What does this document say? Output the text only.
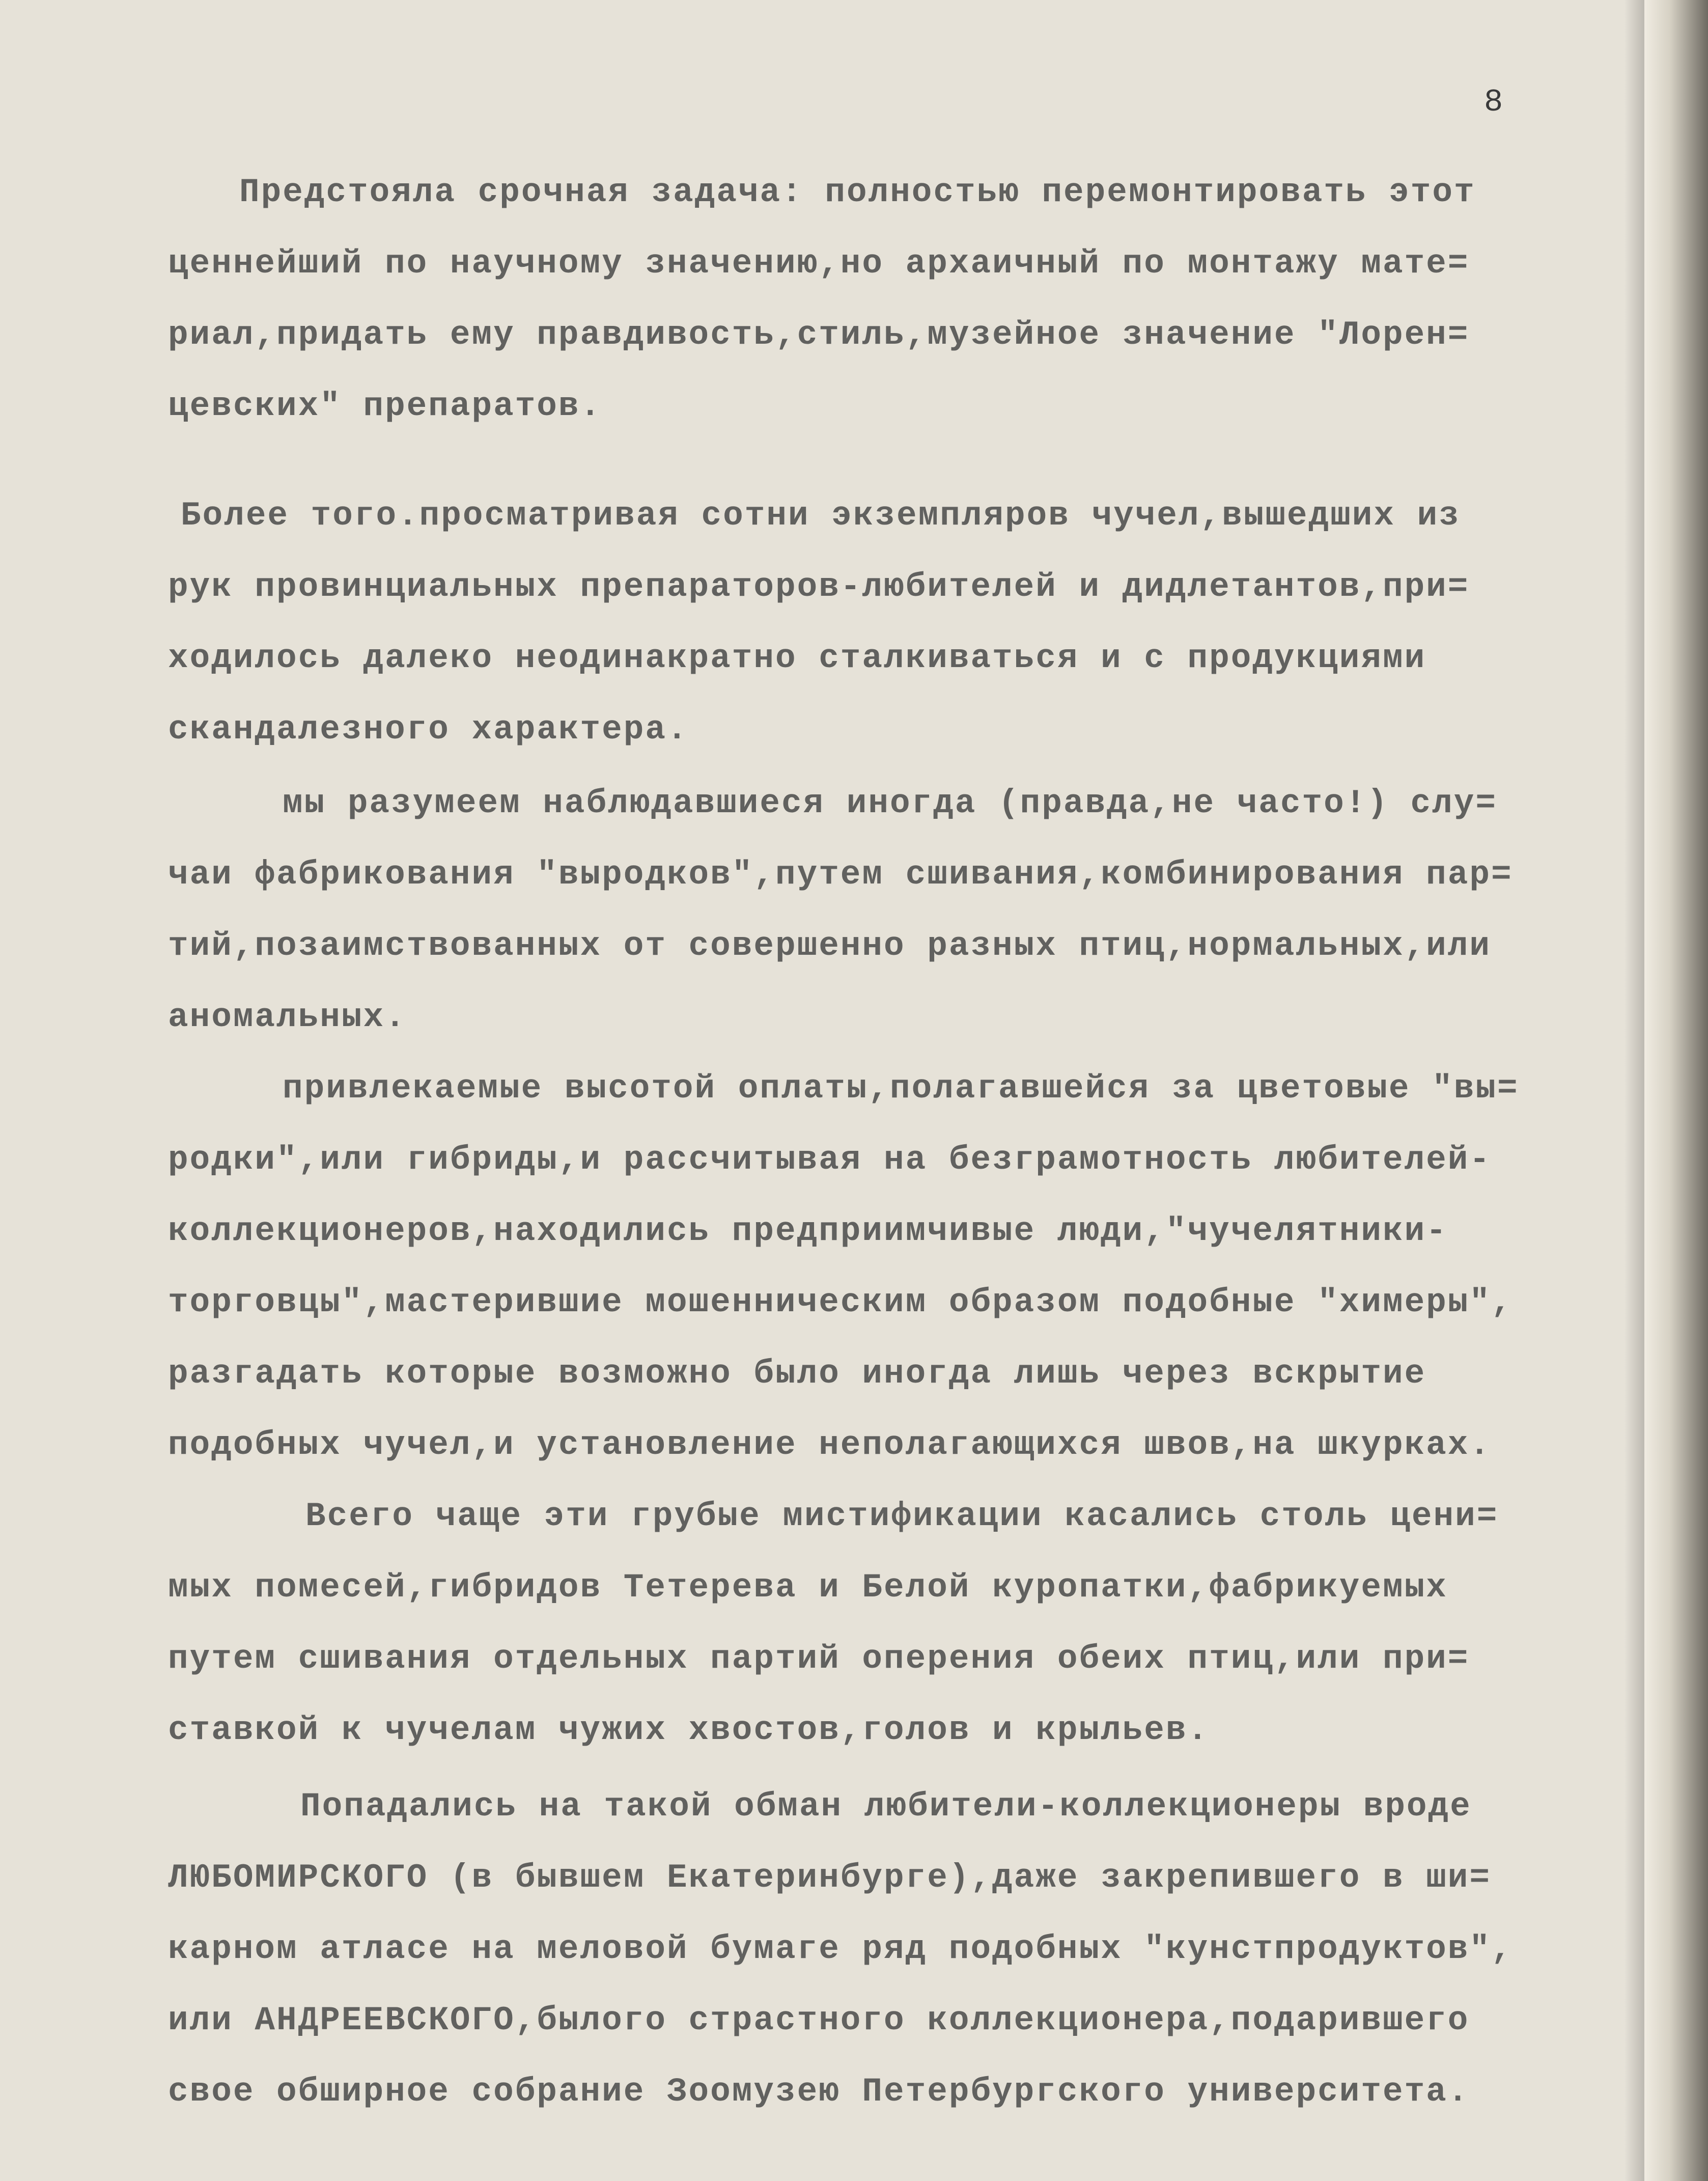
8
Предстояла срочная задача: полностью перемонтировать этот
ценнейший по научному значению,но архаичный по монтажу мате=
риал,придать ему правдивость,стиль,музейное значение "Лорен=
цевских" препаратов.
Более того.просматривая сотни экземпляров чучел,вышедших из
рук провинциальных препараторов-любителей и дидлетантов,при=
ходилось далеко неодинакратно сталкиваться и с продукциями
скандалезного характера.
мы разумеем наблюдавшиеся иногда (правда,не часто!) слу=
чаи фабрикования "выродков",путем сшивания,комбинирования пар=
тий,позаимствованных от совершенно разных птиц,нормальных,или
аномальных.
привлекаемые высотой оплаты,полагавшейся за цветовые "вы=
родки",или гибриды,и рассчитывая на безграмотность любителей-
коллекционеров,находились предприимчивые люди,"чучелятники-
торговцы",мастерившие мошенническим образом подобные "химеры",
разгадать которые возможно было иногда лишь через вскрытие
подобных чучел,и установление неполагающихся швов,на шкурках.
Всего чаще эти грубые мистификации касались столь цени=
мых помесей,гибридов Тетерева и Белой куропатки,фабрикуемых
путем сшивания отдельных партий оперения обеих птиц,или при=
ставкой к чучелам чужих хвостов,голов и крыльев.
Попадались на такой обман любители-коллекционеры вроде
ЛЮБОМИРСКОГО (в бывшем Екатеринбурге),даже закрепившего в ши=
карном атласе на меловой бумаге ряд подобных "кунстпродуктов",
или АНДРЕЕВСКОГО,былого страстного коллекционера,подарившего
свое обширное собрание Зоомузею Петербургского университета.
